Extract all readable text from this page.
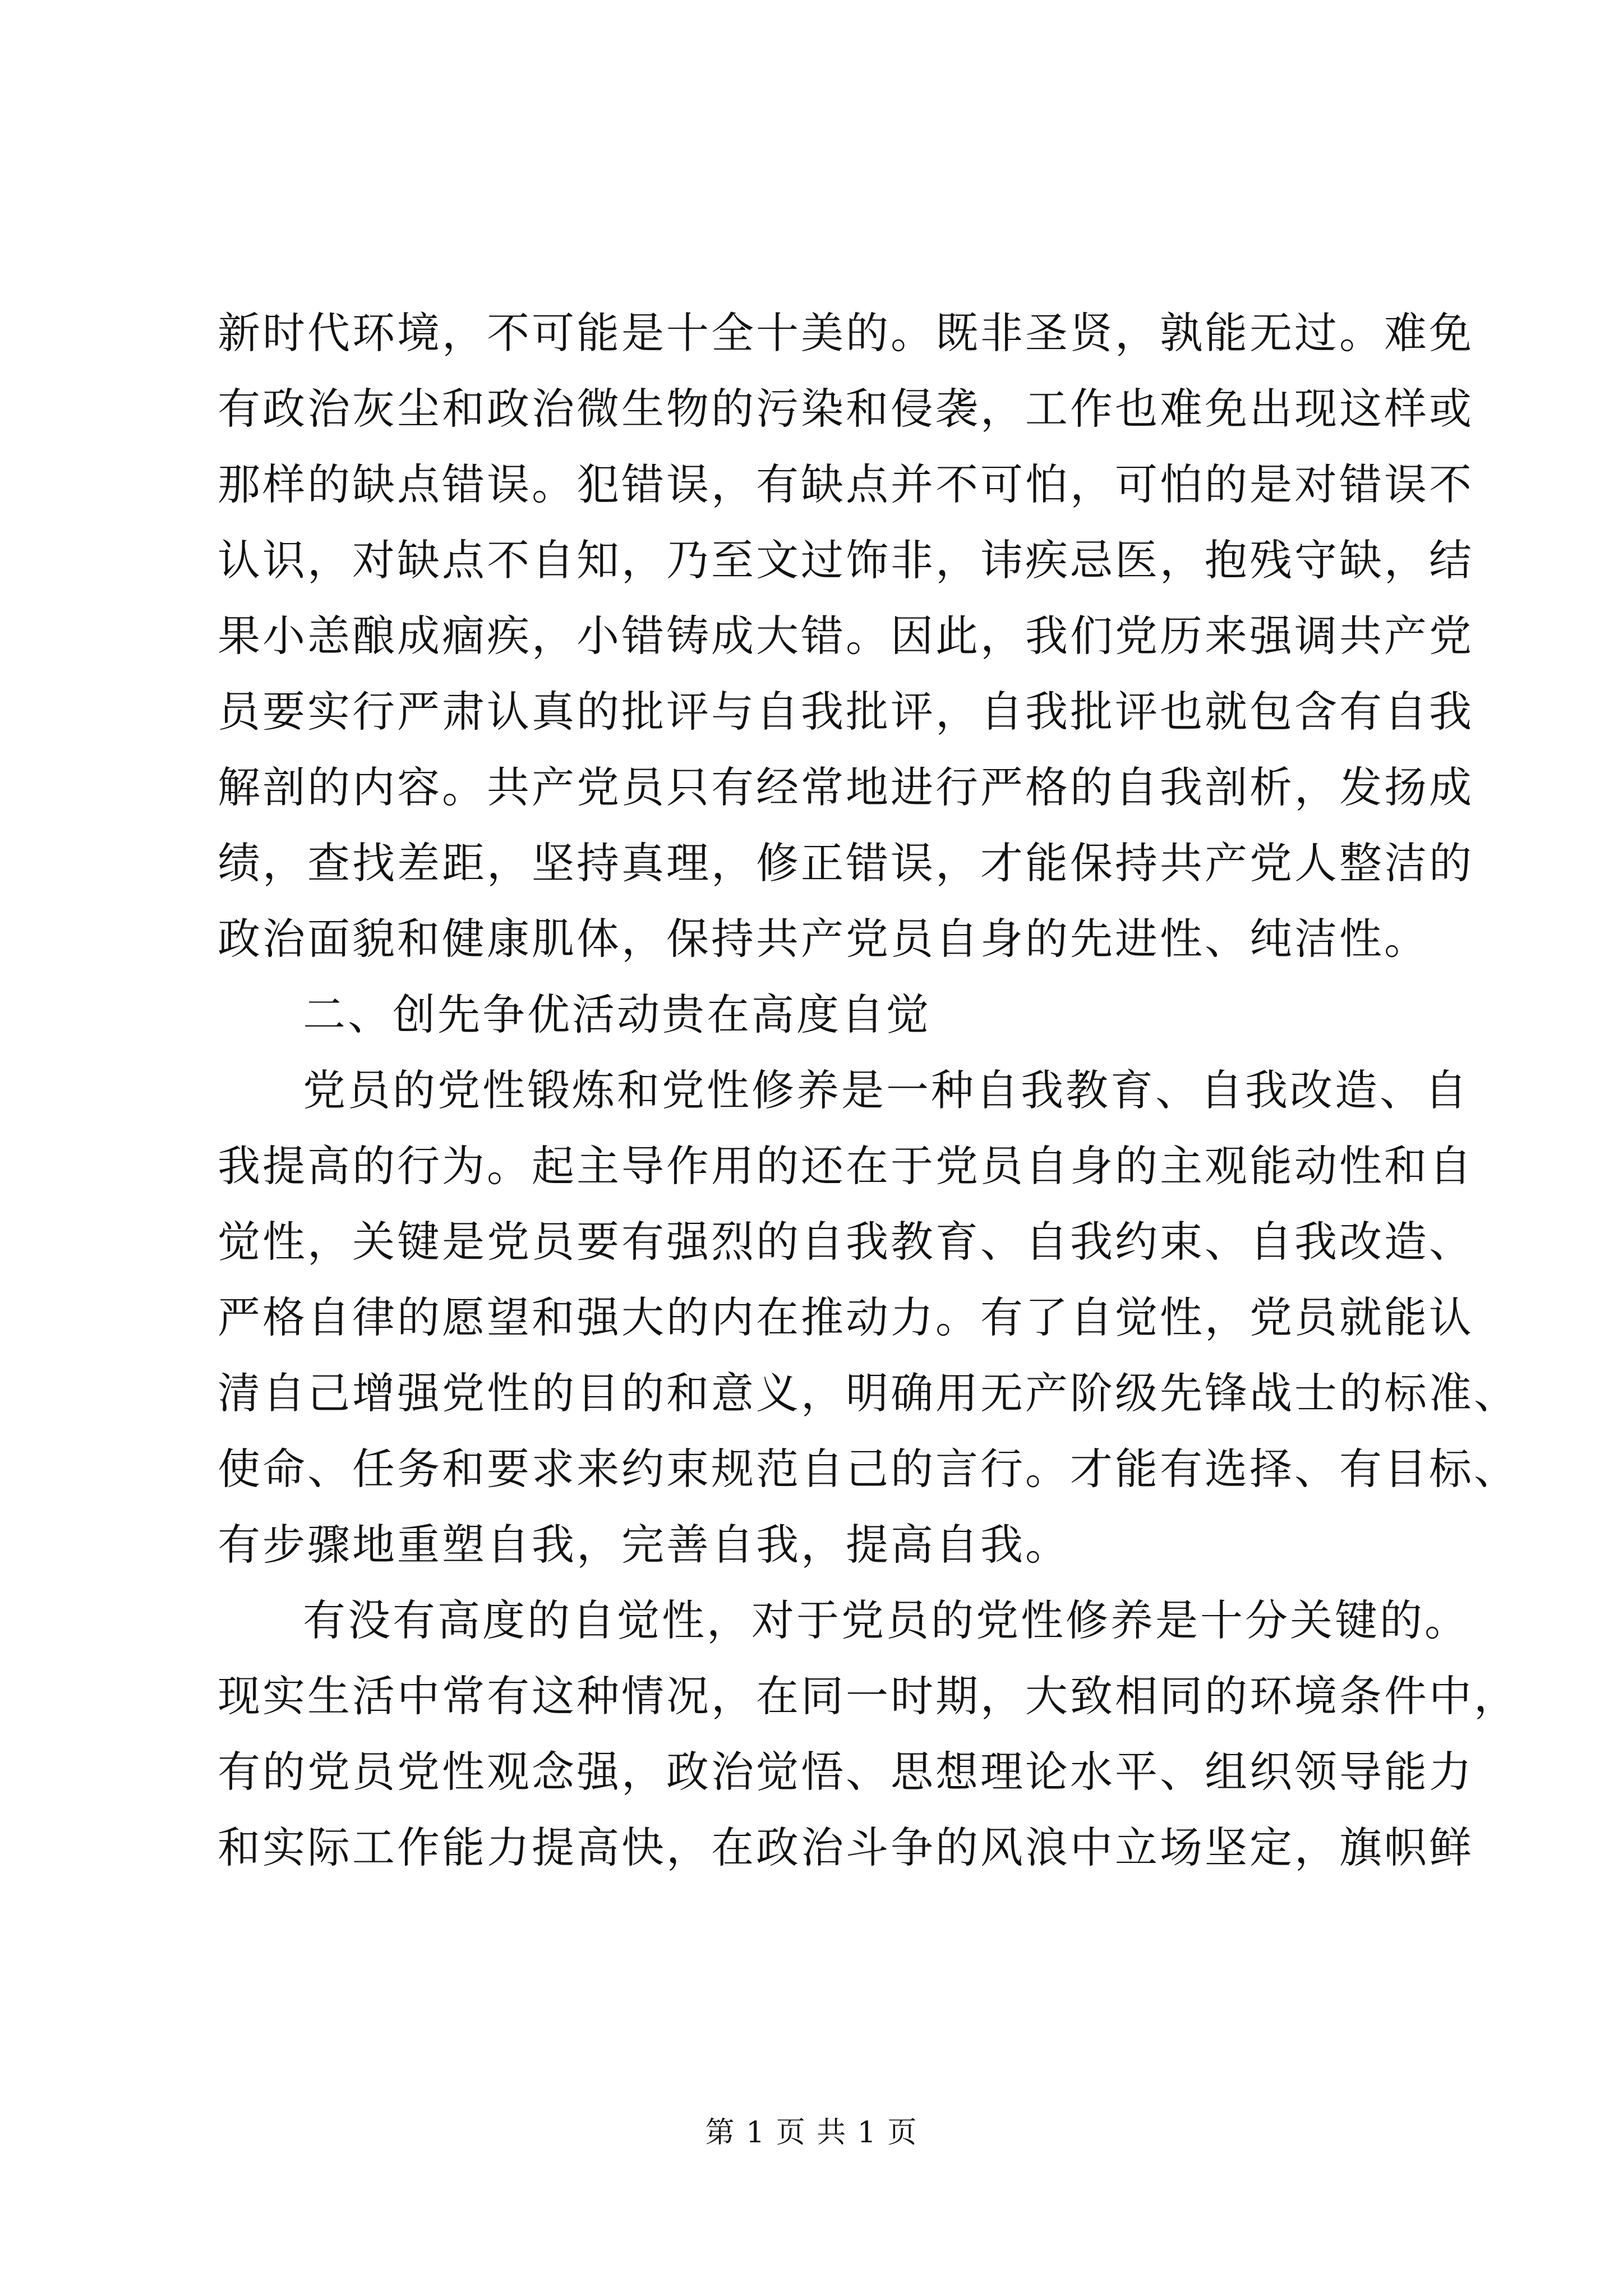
新时代环境，不可能是十全十美的。既非圣贤，孰能无过。难免
有政治灰尘和政治微生物的污染和侵袭，工作也难免出现这样或
那样的缺点错误。犯错误，有缺点并不可怕，可怕的是对错误不
认识，对缺点不自知，乃至文过饰非，讳疾忌医，抱残守缺，结
果小恙酿成痼疾，小错铸成大错。因此，我们党历来强调共产党
员要实行严肃认真的批评与自我批评，自我批评也就包含有自我
解剖的内容。共产党员只有经常地进行严格的自我剖析，发扬成
绩，查找差距，坚持真理，修正错误，才能保持共产党人整洁的
政治面貌和健康肌体，保持共产党员自身的先进性、纯洁性。
二、创先争优活动贵在高度自觉
党员的党性锻炼和党性修养是一种自我教育、自我改造、自
我提高的行为。起主导作用的还在于党员自身的主观能动性和自
觉性，关键是党员要有强烈的自我教育、自我约束、自我改造、
严格自律的愿望和强大的内在推动力。有了自觉性，党员就能认
清自己增强党性的目的和意义，明确用无产阶级先锋战士的标准、
使命、任务和要求来约束规范自己的言行。才能有选择、有目标、
有步骤地重塑自我，完善自我，提高自我。
有没有高度的自觉性，对于党员的党性修养是十分关键的。
现实生活中常有这种情况，在同一时期，大致相同的环境条件中，
有的党员党性观念强，政治觉悟、思想理论水平、组织领导能力
和实际工作能力提高快，在政治斗争的风浪中立场坚定，旗帜鲜
第 1 页 共 1 页
